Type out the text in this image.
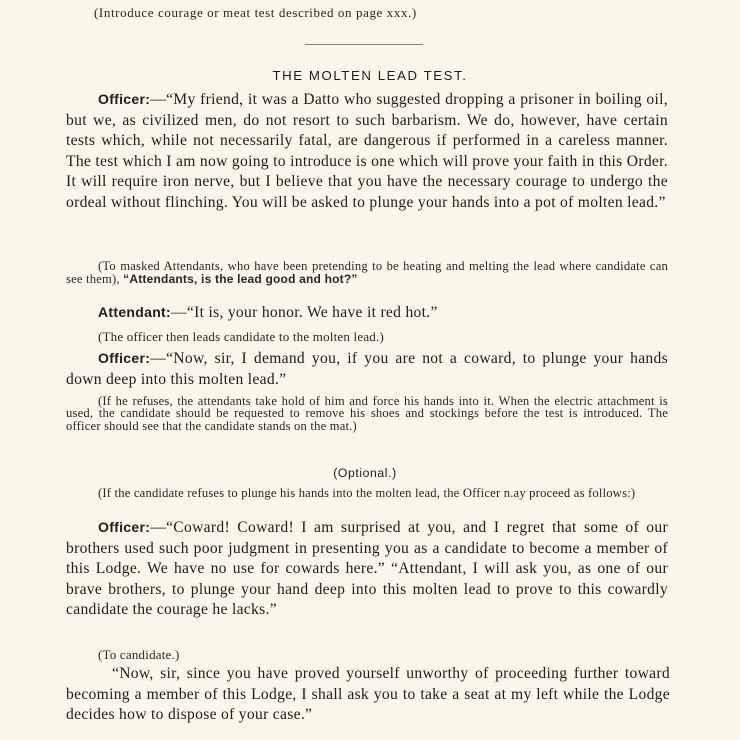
(Introduce courage or meat test described on page xxx.)

THE MOLTEN LEAD TEST.

Officer:—“My friend, it was a Datto who suggested dropping a prisoner in boiling oil, but we, as civilized men, do not resort to such barbarism. We do, however, have certain tests which, while not necessarily fatal, are dangerous if performed in a careless manner. The test which I am now going to introduce is one which will prove your faith in this Order. It will require iron nerve, but I believe that you have the necessary courage to undergo the ordeal without flinching. You will be asked to plunge your hands into a pot of molten lead.”

(To masked Attendants, who have been pretending to be heating and melting the lead where candidate can see them), “Attendants, is the lead good and hot?”

Attendant:—“It is, your honor. We have it red hot.”

(The officer then leads candidate to the molten lead.)

Officer:—“Now, sir, I demand you, if you are not a coward, to plunge your hands down deep into this molten lead.”

(If he refuses, the attendants take hold of him and force his hands into it. When the electric attachment is used, the candidate should be requested to remove his shoes and stockings before the test is introduced. The officer should see that the candidate stands on the mat.)

(Optional.)

(If the candidate refuses to plunge his hands into the molten lead, the Officer n.ay proceed as follows:)

Officer:—“Coward! Coward! I am surprised at you, and I regret that some of our brothers used such poor judgment in presenting you as a candidate to become a member of this Lodge. We have no use for cowards here.” “Attendant, I will ask you, as one of our brave brothers, to plunge your hand deep into this molten lead to prove to this cowardly candidate the courage he lacks.”

(To candidate.)

“Now, sir, since you have proved yourself unworthy of proceeding further toward becoming a member of this Lodge, I shall ask you to take a seat at my left while the Lodge decides how to dispose of your case.”
